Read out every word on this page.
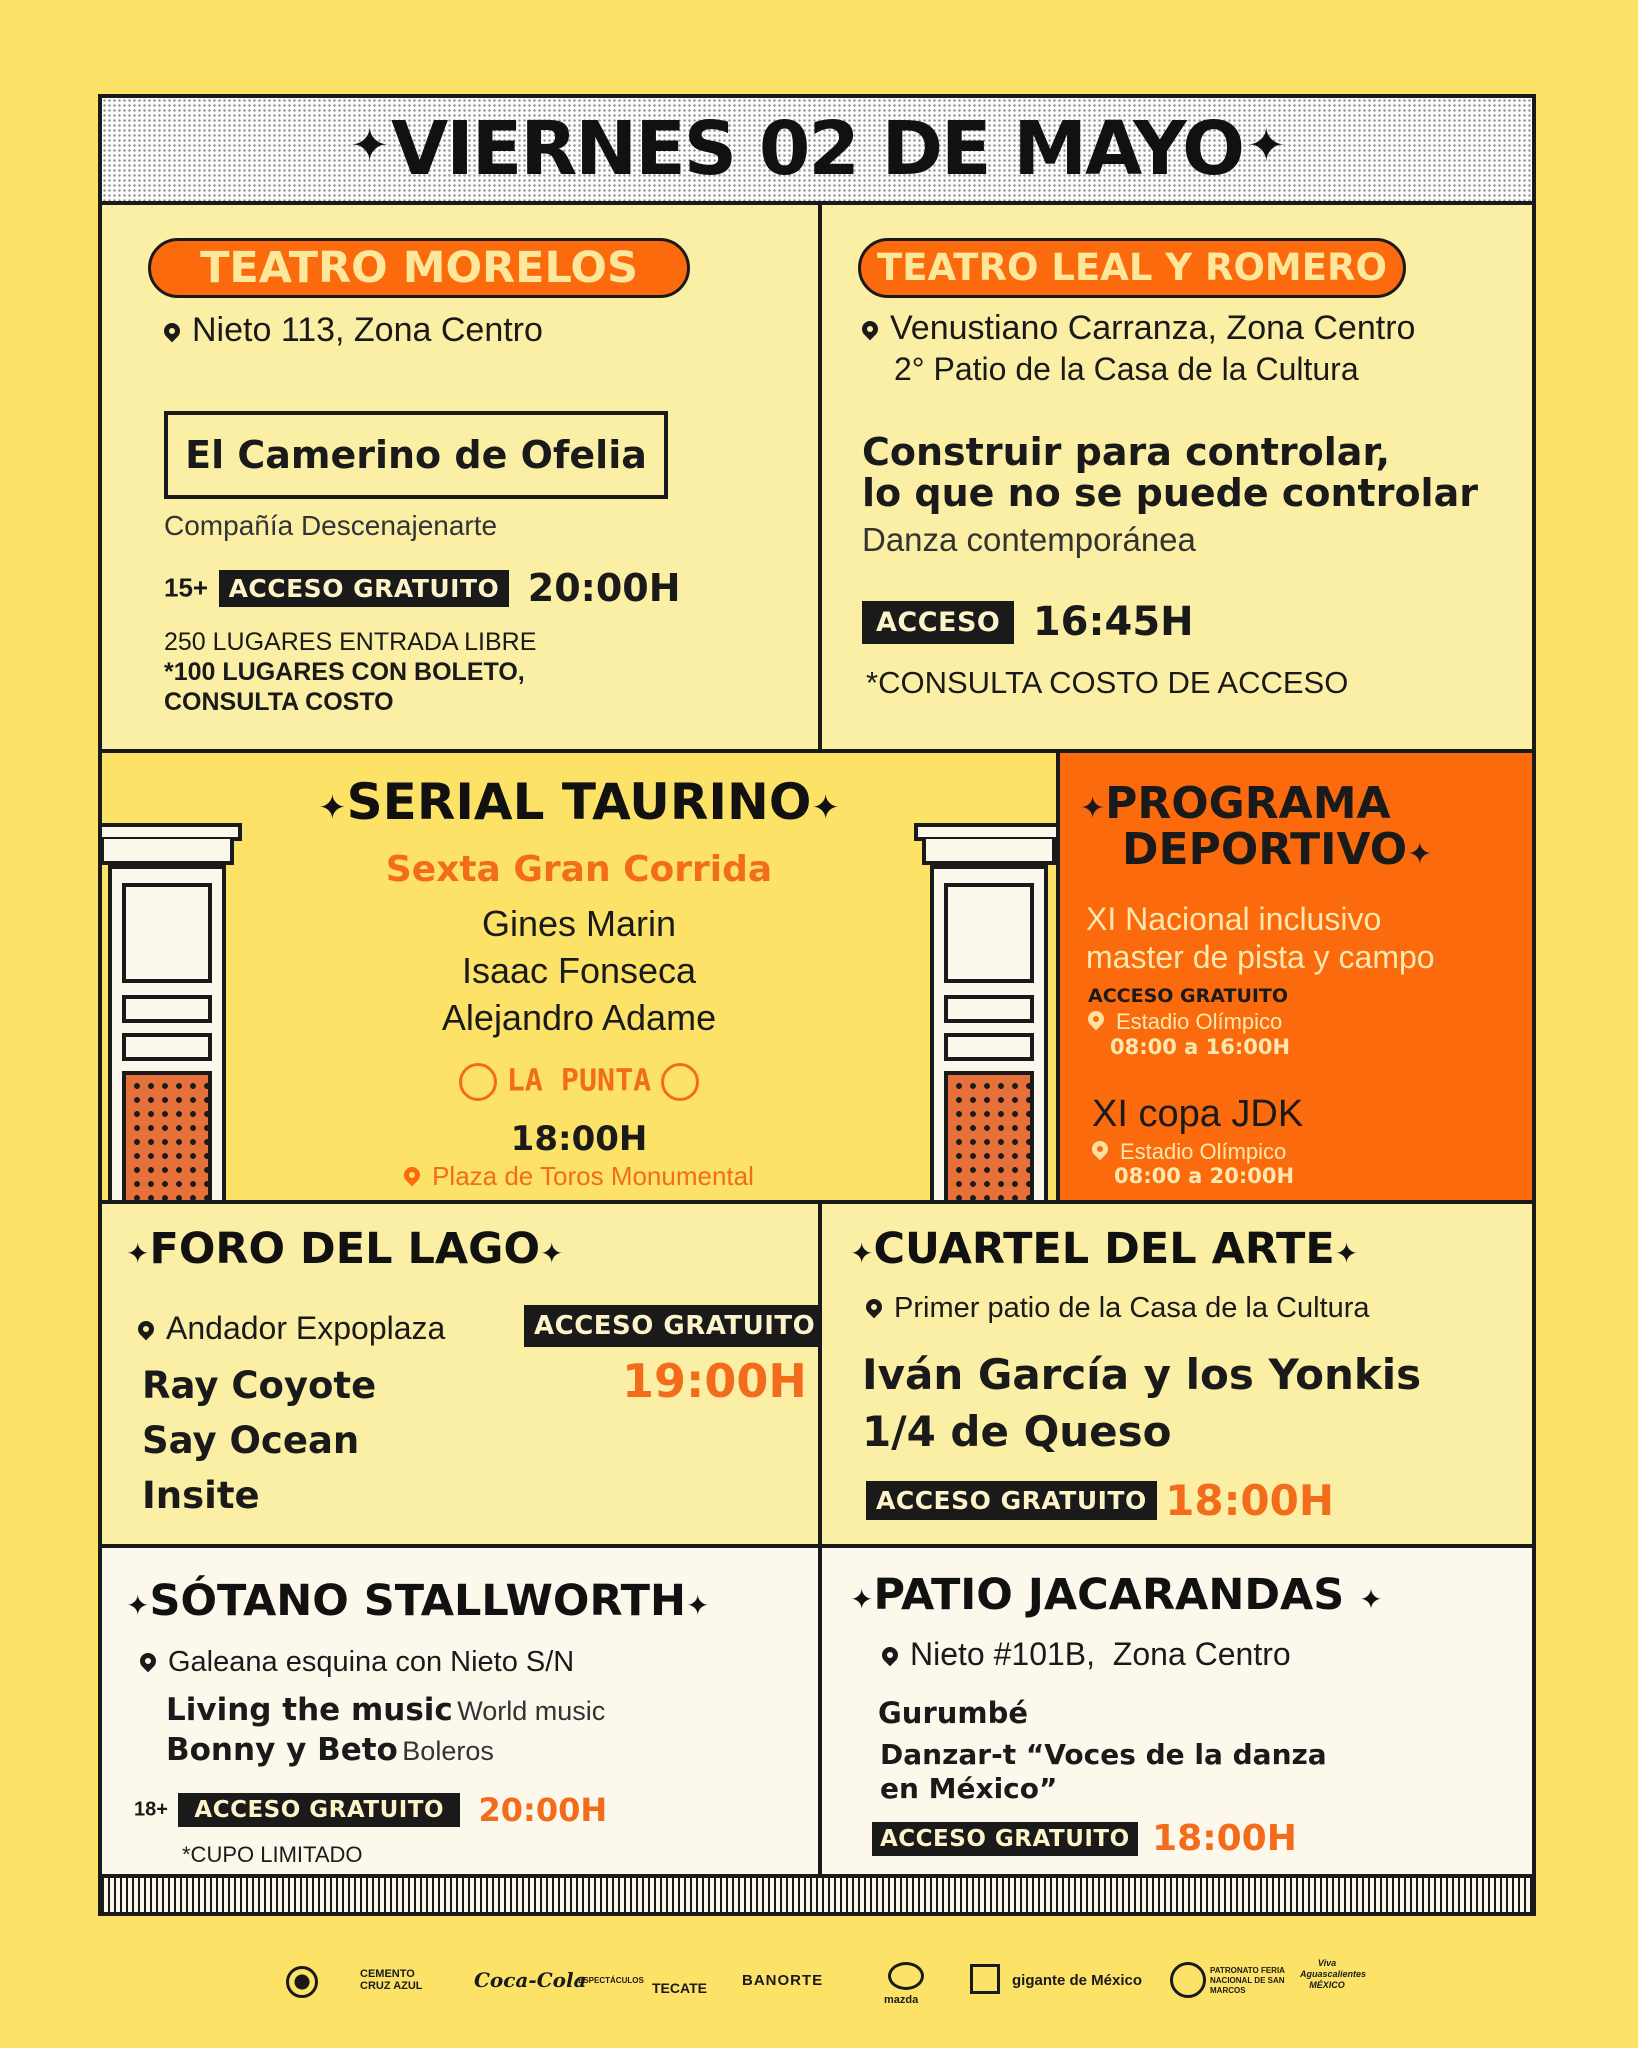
✦VIERNES 02 DE MAYO✦
TEATRO MORELOS
Nieto 113, Zona Centro
El Camerino de Ofelia
Compañía Descenajenarte
15+ ACCESO GRATUITO 20:00H
250 LUGARES ENTRADA LIBRE
*100 LUGARES CON BOLETO,
CONSULTA COSTO
TEATRO LEAL Y ROMERO
Venustiano Carranza, Zona Centro
2° Patio de la Casa de la Cultura
Construir para controlar,
lo que no se puede controlar
Danza contemporánea
ACCESO 16:45H
*CONSULTA COSTO DE ACCESO
✦SERIAL TAURINO✦
Sexta Gran Corrida
Gines Marin
Isaac Fonseca
Alejandro Adame
LA PUNTA
18:00H
Plaza de Toros Monumental
✦PROGRAMA
DEPORTIVO✦
XI Nacional inclusivo
master de pista y campo
ACCESO GRATUITO
Estadio Olímpico
08:00 a 16:00H
XI copa JDK
Estadio Olímpico
08:00 a 20:00H
✦FORO DEL LAGO✦
Andador Expoplaza	ACCESO GRATUITO
19:00H
Ray Coyote
Say Ocean
Insite
✦CUARTEL DEL ARTE✦
Primer patio de la Casa de la Cultura
Iván García y los Yonkis
1/4 de Queso
ACCESO GRATUITO 18:00H
✦SÓTANO STALLWORTH✦
Galeana esquina con Nieto S/N
Living the music World music
Bonny y Beto Boleros
18+ ACCESO GRATUITO 20:00H
*CUPO LIMITADO
✦PATIO JACARANDAS ✦
Nieto #101B,  Zona Centro
Gurumbé
Danzar-t “Voces de la danza
en México”
ACCESO GRATUITO 18:00H
CEMENTO CRUZ AZUL	Coca-Cola
ESPECTÁCULOS TECATE BANORTE
mazda
gigante de México
PATRONATO FERIA NACIONAL DE SAN MARCOS
Viva Aguascalientes MÉXICO
